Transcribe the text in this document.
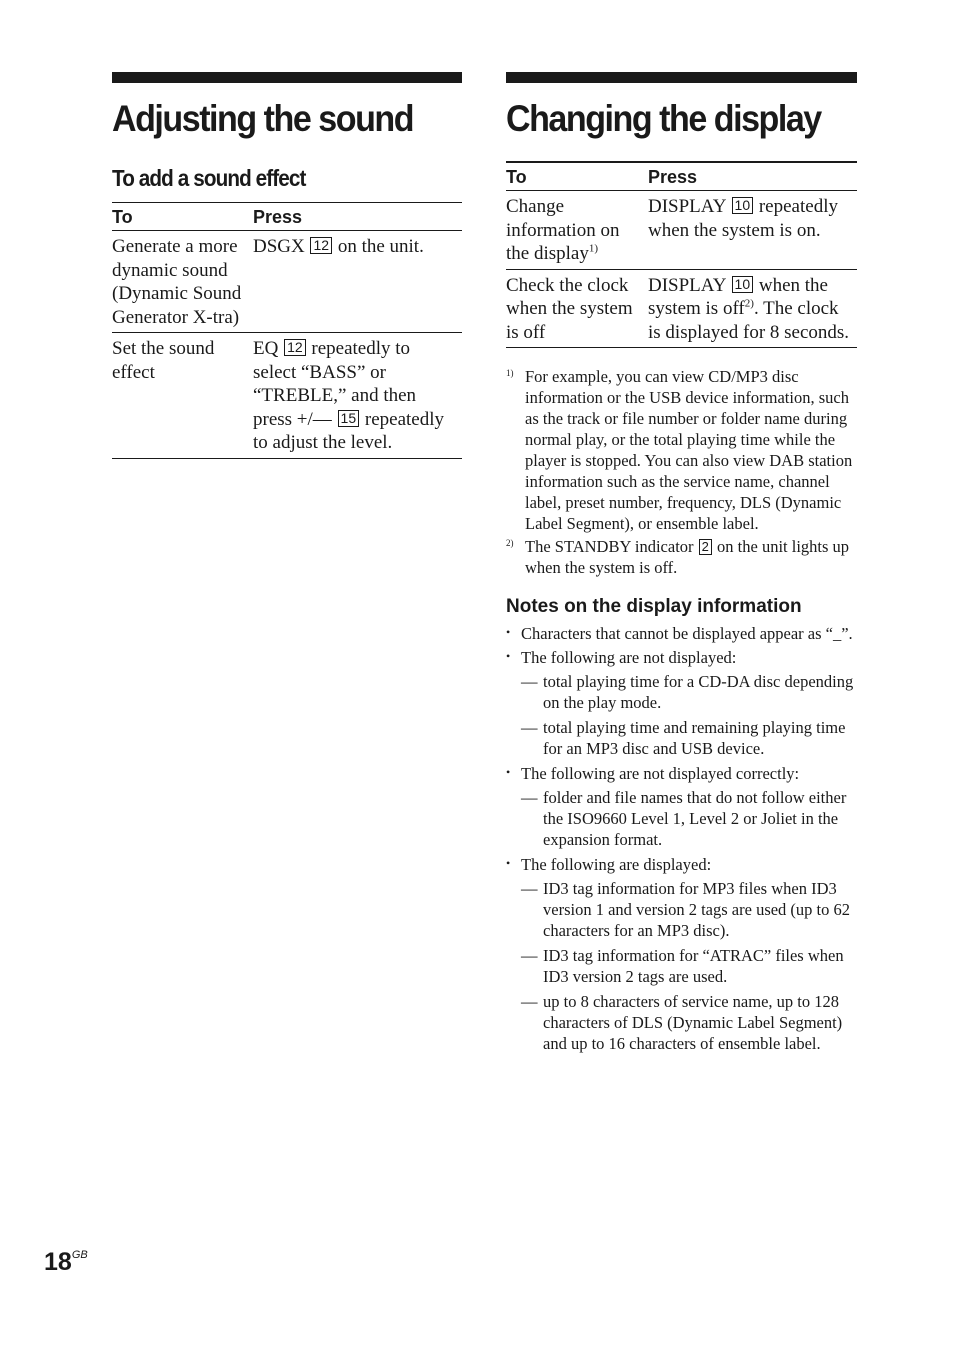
Adjusting the sound
To add a sound effect
To	Press
Generate a more dynamic sound (Dynamic Sound Generator X-tra)	DSGX 12 on the unit.
Set the sound effect	EQ 12 repeatedly to select “BASS” or “TREBLE,” and then press +/— 15 repeatedly to adjust the level.
Changing the display
To	Press
Change information on the display$^{1)}$	DISPLAY 10 repeatedly when the system is on.
Check the clock when the system is off	DISPLAY 10 when the system is off$^{2)}$. The clock is displayed for 8 seconds.
1) For example, you can view CD/MP3 disc information or the USB device information, such as the track or file number or folder name during normal play, or the total playing time while the player is stopped. You can also view DAB station information such as the service name, channel label, preset number, frequency, DLS (Dynamic Label Segment), or ensemble label.
2) The STANDBY indicator 2 on the unit lights up when the system is off.
Notes on the display information
• Characters that cannot be displayed appear as “_”.
• The following are not displayed:
— total playing time for a CD-DA disc depending on the play mode.
— total playing time and remaining playing time for an MP3 disc and USB device.
• The following are not displayed correctly:
— folder and file names that do not follow either the ISO9660 Level 1, Level 2 or Joliet in the expansion format.
• The following are displayed:
— ID3 tag information for MP3 files when ID3 version 1 and version 2 tags are used (up to 62 characters for an MP3 disc).
— ID3 tag information for “ATRAC” files when ID3 version 2 tags are used.
— up to 8 characters of service name, up to 128 characters of DLS (Dynamic Label Segment) and up to 16 characters of ensemble label.
$18^{GB}$
